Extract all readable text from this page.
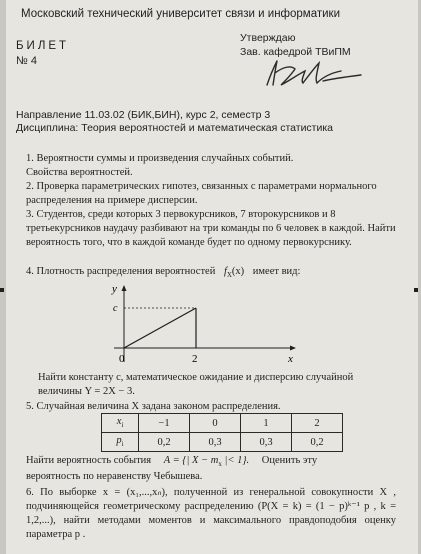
Московский технический университет связи и информатики
БИЛЕТ
№ 4
Утверждаю
Зав. кафедрой ТВиПМ
Направление 11.03.02 (БИК,БИН), курс 2, семестр 3
Дисциплина: Теория вероятностей и математическая статистика
1. Вероятности суммы и произведения случайных событий.
Свойства вероятностей.
2. Проверка параметрических гипотез, связанных с параметрами нормального распределения на примере дисперсии.
3. Студентов, среди которых 3 первокурсников, 7 второкурсников и 8 третьекурсников наудачу разбивают на три команды по 6 человек в каждой. Найти вероятность того, что в каждой команде будет по одному первокурснику.
4. Плотность распределения вероятностей $f_X(x)$ имеет вид:
y
x
0	2
c
Найти константу c, математическое ожидание и дисперсию случайной величины Y = 2X − 3.
5. Случайная величина X задана законом распределения.
$x_i$	−1	0	1	2
$p_i$	0,2	0,3	0,3	0,2
Найти вероятность события A = {| $X - m_x$ |< 1}. Оценить эту
вероятность по неравенству Чебышева.
6. По выборке x = (x₁,...,xₙ), полученной из генеральной совокупности X , подчиняющейся геометрическому распределению (P(X = k) = (1 − p)ᵏ⁻¹ p , k = 1,2,...), найти методами моментов и максимального правдоподобия оценку параметра p .
